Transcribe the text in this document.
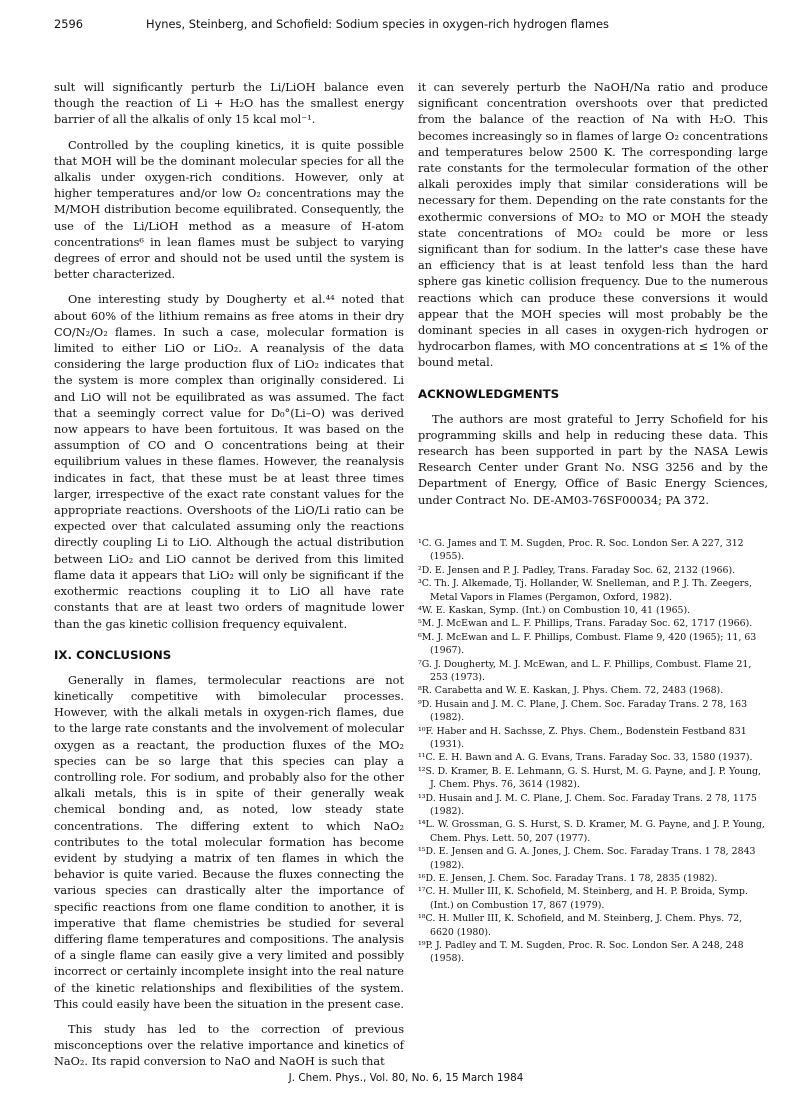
2596	Hynes, Steinberg, and Schofield: Sodium species in oxygen-rich hydrogen flames

sult will significantly perturb the Li/LiOH balance even though the reaction of Li + H₂O has the smallest energy barrier of all the alkalis of only 15 kcal mol⁻¹.

Controlled by the coupling kinetics, it is quite possible that MOH will be the dominant molecular species for all the alkalis under oxygen-rich conditions. However, only at higher temperatures and/or low O₂ concentrations may the M/MOH distribution become equilibrated. Consequently, the use of the Li/LiOH method as a measure of H-atom concentrations⁶ in lean flames must be subject to varying degrees of error and should not be used until the system is better characterized.

One interesting study by Dougherty et al.⁴⁴ noted that about 60% of the lithium remains as free atoms in their dry CO/N₂/O₂ flames. In such a case, molecular formation is limited to either LiO or LiO₂. A reanalysis of the data considering the large production flux of LiO₂ indicates that the system is more complex than originally considered. Li and LiO will not be equilibrated as was assumed. The fact that a seemingly correct value for D₀°(Li–O) was derived now appears to have been fortuitous. It was based on the assumption of CO and O concentrations being at their equilibrium values in these flames. However, the reanalysis indicates in fact, that these must be at least three times larger, irrespective of the exact rate constant values for the appropriate reactions. Overshoots of the LiO/Li ratio can be expected over that calculated assuming only the reactions directly coupling Li to LiO. Although the actual distribution between LiO₂ and LiO cannot be derived from this limited flame data it appears that LiO₂ will only be significant if the exothermic reactions coupling it to LiO all have rate constants that are at least two orders of magnitude lower than the gas kinetic collision frequency equivalent.

IX. CONCLUSIONS

Generally in flames, termolecular reactions are not kinetically competitive with bimolecular processes. However, with the alkali metals in oxygen-rich flames, due to the large rate constants and the involvement of molecular oxygen as a reactant, the production fluxes of the MO₂ species can be so large that this species can play a controlling role. For sodium, and probably also for the other alkali metals, this is in spite of their generally weak chemical bonding and, as noted, low steady state concentrations. The differing extent to which NaO₂ contributes to the total molecular formation has become evident by studying a matrix of ten flames in which the behavior is quite varied. Because the fluxes connecting the various species can drastically alter the importance of specific reactions from one flame condition to another, it is imperative that flame chemistries be studied for several differing flame temperatures and compositions. The analysis of a single flame can easily give a very limited and possibly incorrect or certainly incomplete insight into the real nature of the kinetic relationships and flexibilities of the system. This could easily have been the situation in the present case.

This study has led to the correction of previous misconceptions over the relative importance and kinetics of NaO₂. Its rapid conversion to NaO and NaOH is such that

it can severely perturb the NaOH/Na ratio and produce significant concentration overshoots over that predicted from the balance of the reaction of Na with H₂O. This becomes increasingly so in flames of large O₂ concentrations and temperatures below 2500 K. The corresponding large rate constants for the termolecular formation of the other alkali peroxides imply that similar considerations will be necessary for them. Depending on the rate constants for the exothermic conversions of MO₂ to MO or MOH the steady state concentrations of MO₂ could be more or less significant than for sodium. In the latter's case these have an efficiency that is at least tenfold less than the hard sphere gas kinetic collision frequency. Due to the numerous reactions which can produce these conversions it would appear that the MOH species will most probably be the dominant species in all cases in oxygen-rich hydrogen or hydrocarbon flames, with MO concentrations at ≤ 1% of the bound metal.

ACKNOWLEDGMENTS

The authors are most grateful to Jerry Schofield for his programming skills and help in reducing these data. This research has been supported in part by the NASA Lewis Research Center under Grant No. NSG 3256 and by the Department of Energy, Office of Basic Energy Sciences, under Contract No. DE-AM03-76SF00034; PA 372.

¹C. G. James and T. M. Sugden, Proc. R. Soc. London Ser. A 227, 312 (1955).
²D. E. Jensen and P. J. Padley, Trans. Faraday Soc. 62, 2132 (1966).
³C. Th. J. Alkemade, Tj. Hollander, W. Snelleman, and P. J. Th. Zeegers, Metal Vapors in Flames (Pergamon, Oxford, 1982).
⁴W. E. Kaskan, Symp. (Int.) on Combustion 10, 41 (1965).
⁵M. J. McEwan and L. F. Phillips, Trans. Faraday Soc. 62, 1717 (1966).
⁶M. J. McEwan and L. F. Phillips, Combust. Flame 9, 420 (1965); 11, 63 (1967).
⁷G. J. Dougherty, M. J. McEwan, and L. F. Phillips, Combust. Flame 21, 253 (1973).
⁸R. Carabetta and W. E. Kaskan, J. Phys. Chem. 72, 2483 (1968).
⁹D. Husain and J. M. C. Plane, J. Chem. Soc. Faraday Trans. 2 78, 163 (1982).
¹⁰F. Haber and H. Sachsse, Z. Phys. Chem., Bodenstein Festband 831 (1931).
¹¹C. E. H. Bawn and A. G. Evans, Trans. Faraday Soc. 33, 1580 (1937).
¹²S. D. Kramer, B. E. Lehmann, G. S. Hurst, M. G. Payne, and J. P. Young, J. Chem. Phys. 76, 3614 (1982).
¹³D. Husain and J. M. C. Plane, J. Chem. Soc. Faraday Trans. 2 78, 1175 (1982).
¹⁴L. W. Grossman, G. S. Hurst, S. D. Kramer, M. G. Payne, and J. P. Young, Chem. Phys. Lett. 50, 207 (1977).
¹⁵D. E. Jensen and G. A. Jones, J. Chem. Soc. Faraday Trans. 1 78, 2843 (1982).
¹⁶D. E. Jensen, J. Chem. Soc. Faraday Trans. 1 78, 2835 (1982).
¹⁷C. H. Muller III, K. Schofield, M. Steinberg, and H. P. Broida, Symp. (Int.) on Combustion 17, 867 (1979).
¹⁸C. H. Muller III, K. Schofield, and M. Steinberg, J. Chem. Phys. 72, 6620 (1980).
¹⁹P. J. Padley and T. M. Sugden, Proc. R. Soc. London Ser. A 248, 248 (1958).
J. Chem. Phys., Vol. 80, No. 6, 15 March 1984
